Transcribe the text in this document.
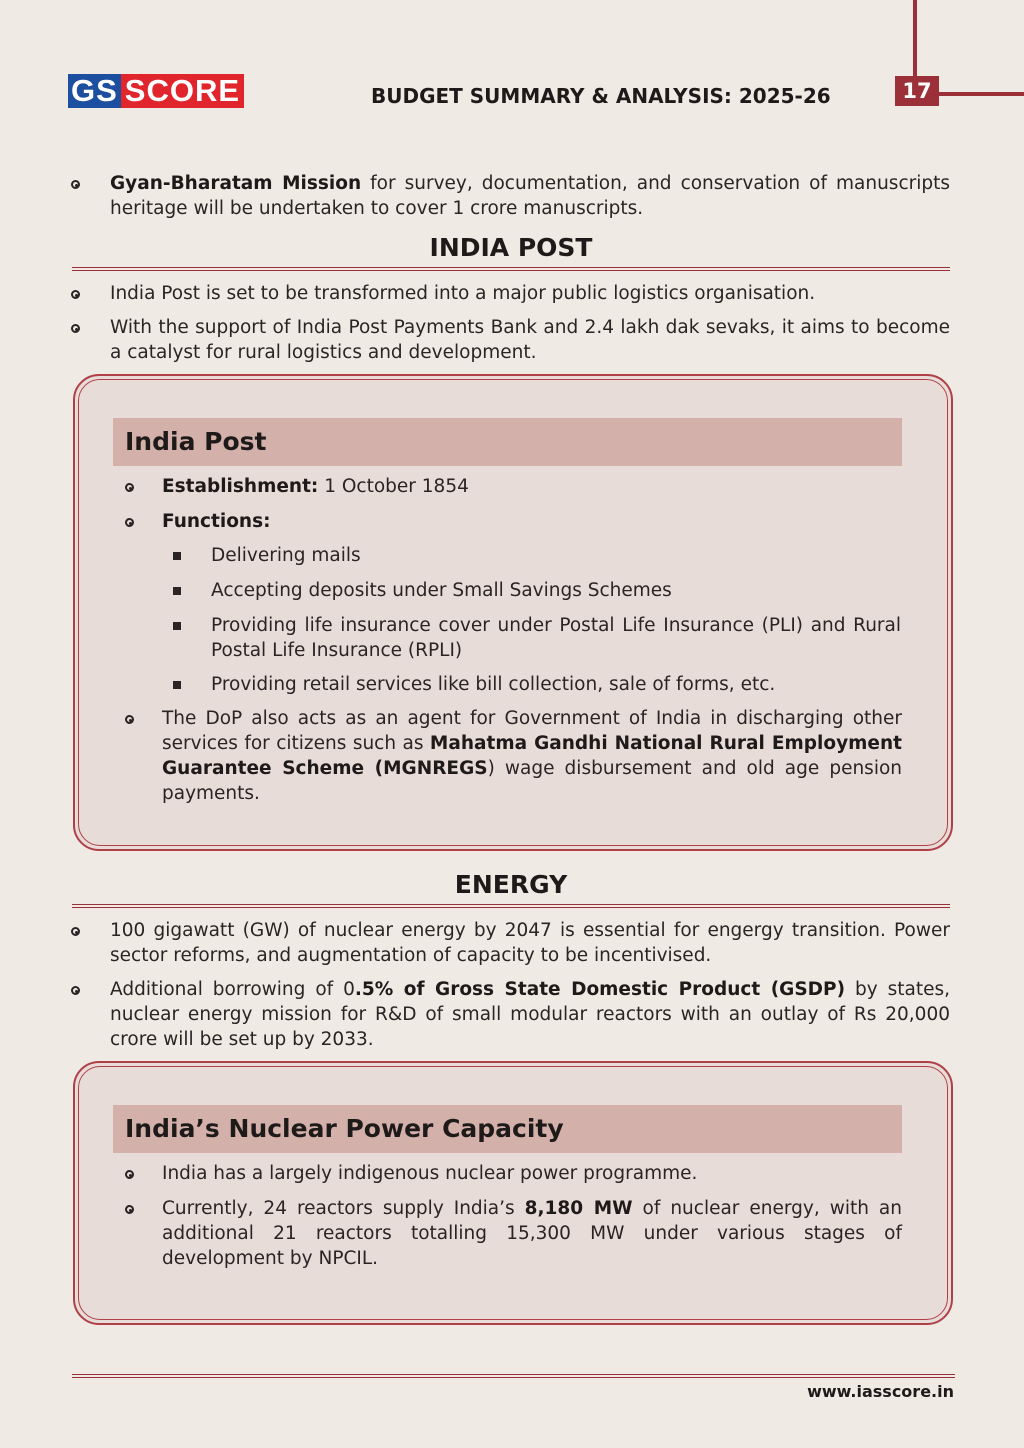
17
GS SCORE	BUDGET SUMMARY & ANALYSIS: 2025-26
Gyan-Bharatam Mission for survey, documentation, and conservation of manuscripts heritage will be undertaken to cover 1 crore manuscripts.
INDIA POST
India Post is set to be transformed into a major public logistics organisation.
With the support of India Post Payments Bank and 2.4 lakh dak sevaks, it aims to become a catalyst for rural logistics and development.
India Post
Establishment: 1 October 1854
Functions:
Delivering mails
Accepting deposits under Small Savings Schemes
Providing life insurance cover under Postal Life Insurance (PLI) and Rural Postal Life Insurance (RPLI)
Providing retail services like bill collection, sale of forms, etc.
The DoP also acts as an agent for Government of India in discharging other services for citizens such as Mahatma Gandhi National Rural Employment Guarantee Scheme (MGNREGS) wage disbursement and old age pension payments.
ENERGY
100 gigawatt (GW) of nuclear energy by 2047 is essential for engergy transition. Power sector reforms, and augmentation of capacity to be incentivised.
Additional borrowing of 0.5% of Gross State Domestic Product (GSDP) by states, nuclear energy mission for R&D of small modular reactors with an outlay of Rs 20,000 crore will be set up by 2033.
India’s Nuclear Power Capacity
India has a largely indigenous nuclear power programme.
Currently, 24 reactors supply India’s 8,180 MW of nuclear energy, with an additional 21 reactors totalling 15,300 MW under various stages of development by NPCIL.
www.iasscore.in
